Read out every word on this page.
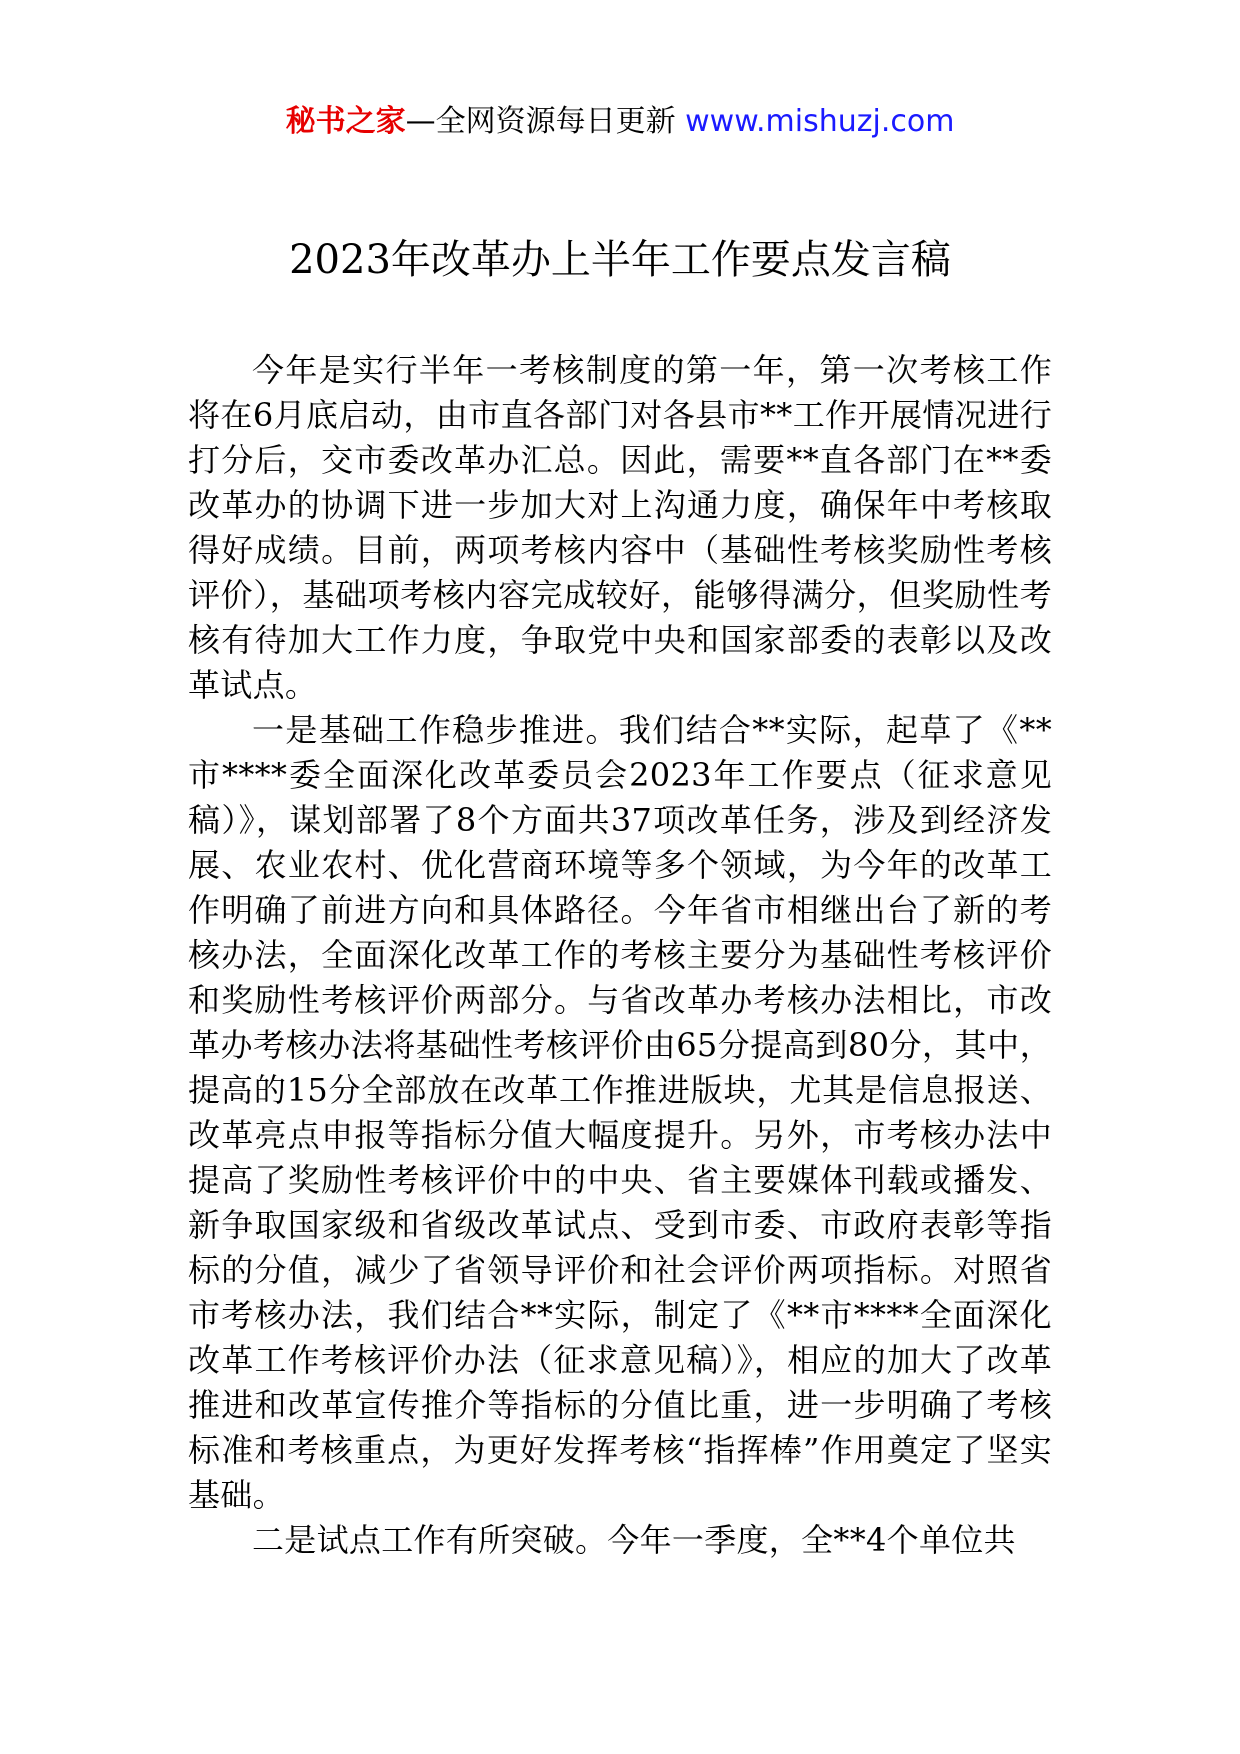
秘书之家—全网资源每日更新 www.mishuzj.com
2023年改革办上半年工作要点发言稿

今年是实行半年一考核制度的第一年，第一次考核工作将在6月底启动，由市直各部门对各县市**工作开展情况进行打分后，交市委改革办汇总。因此，需要**直各部门在**委改革办的协调下进一步加大对上沟通力度，确保年中考核取得好成绩。目前，两项考核内容中（基础性考核奖励性考核评价），基础项考核内容完成较好，能够得满分，但奖励性考核有待加大工作力度，争取党中央和国家部委的表彰以及改革试点。

一是基础工作稳步推进。我们结合**实际，起草了《**市****委全面深化改革委员会2023年工作要点（征求意见稿）》，谋划部署了8个方面共37项改革任务，涉及到经济发展、农业农村、优化营商环境等多个领域，为今年的改革工作明确了前进方向和具体路径。今年省市相继出台了新的考核办法，全面深化改革工作的考核主要分为基础性考核评价和奖励性考核评价两部分。与省改革办考核办法相比，市改革办考核办法将基础性考核评价由65分提高到80分，其中，提高的15分全部放在改革工作推进版块，尤其是信息报送、改革亮点申报等指标分值大幅度提升。另外，市考核办法中提高了奖励性考核评价中的中央、省主要媒体刊载或播发、新争取国家级和省级改革试点、受到市委、市政府表彰等指标的分值，减少了省领导评价和社会评价两项指标。对照省市考核办法，我们结合**实际，制定了《**市****全面深化改革工作考核评价办法（征求意见稿）》，相应的加大了改革推进和改革宣传推介等指标的分值比重，进一步明确了考核标准和考核重点，为更好发挥考核“指挥棒”作用奠定了坚实基础。

二是试点工作有所突破。今年一季度，全**4个单位共
